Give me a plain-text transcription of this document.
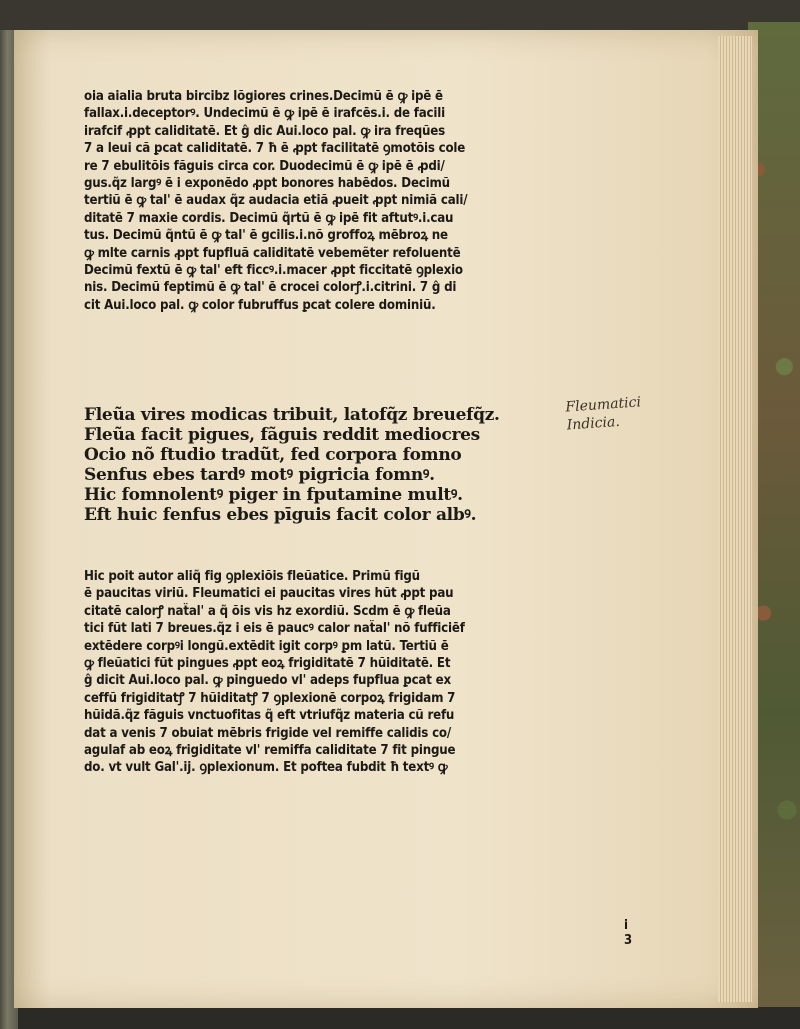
oia aialia bruta bircibz lõgiores crines.Decimũ ē ꝙ ipē ē
fallax.i.deceptorꝰ. Undecimũ ē ꝙ ipē ē irafcēs.i. de facili
irafcif ꝓpt caliditatē. Et ĝ dic Aui.loco pal. ꝙ ira freqũes
7 a leui cã ꝑcat caliditatē. 7 ħ ē ꝓpt facilitatē ꝯmotõis cole
re 7 ebulitõis fãguis circa cor. Duodecimũ ē ꝙ ipē ē ꝓdi/
gus.q̃z largꝰ ē i exponēdo ꝓpt bonores habēdos. Decimũ
tertiũ ē ꝙ tal' ē audax q̃z audacia etiã ꝓueit ꝓpt nimiã cali/
ditatē 7 maxie cordis. Decimũ q̃rtũ ē ꝙ ipē fit aftutꝰ.i.cau
tus. Decimũ q̃ntũ ē ꝙ tal' ē gcilis.i.nõ groffoꝝ mēbroꝝ ne
ꝙ mlte carnis ꝓpt fupfluã caliditatē vebemẽter refoluentē
Decimũ fextũ ē ꝙ tal' eft ficcꝰ.i.macer ꝓpt ficcitatē ꝯplexio
nis. Decimũ feptimũ ē ꝙ tal' ē crocei colorꝭ.i.citrini. 7 ĝ di
cit Aui.loco pal. ꝙ color fubruffus ꝑcat colere dominiũ.
Fleũa vires modicas tribuit, latofq̃z breuefq̃z.
Fleũa facit pigues, fãguis reddit mediocres
Ocio nõ ftudio tradũt, fed corpora fomno
Senfus ebes tardꝰ motꝰ pigricia fomnꝰ.
Hic fomnolentꝰ piger in fputamine multꝰ.
Eft huic fenfus ebes pīguis facit color albꝰ.
Hic poit autor aliq̃ fig ꝯplexiõis fleũatice. Primũ figũ
ē paucitas viriũ. Fleumatici ei paucitas vires hũt ꝓpt pau
citatē calorꝭ naẗal' a q̃ õis vis hz exordiũ. Scdm ē ꝙ fleũa
tici fũt lati 7 breues.q̃z i eis ē paucꝰ calor naẗal' nõ fufficiēf
extēdere corpꝰi longũ.extēdit igit corpꝰ ꝑm latũ. Tertiũ ē
ꝙ fleũatici fũt pingues ꝓpt eoꝝ frigiditatē 7 hũiditatē. Et
ĝ dicit Aui.loco pal. ꝙ pinguedo vl' adeps fupflua ꝑcat ex
ceffũ frigiditatꝭ 7 hũiditatꝭ 7 ꝯplexionē corpoꝝ frigidam 7
hũidã.q̃z fãguis vnctuofitas q̃ eft vtriufq̃z materia cũ refu
dat a venis 7 obuiat mēbris frigide vel remiffe calidis co/
agulaf ab eoꝝ frigiditate vl' remiffa caliditate 7 fit pingue
do. vt vult Gal'.ij. ꝯplexionum. Et poftea fubdit ħ textꝰ ꝙ
i 3
Fleumatici
Indicia.
